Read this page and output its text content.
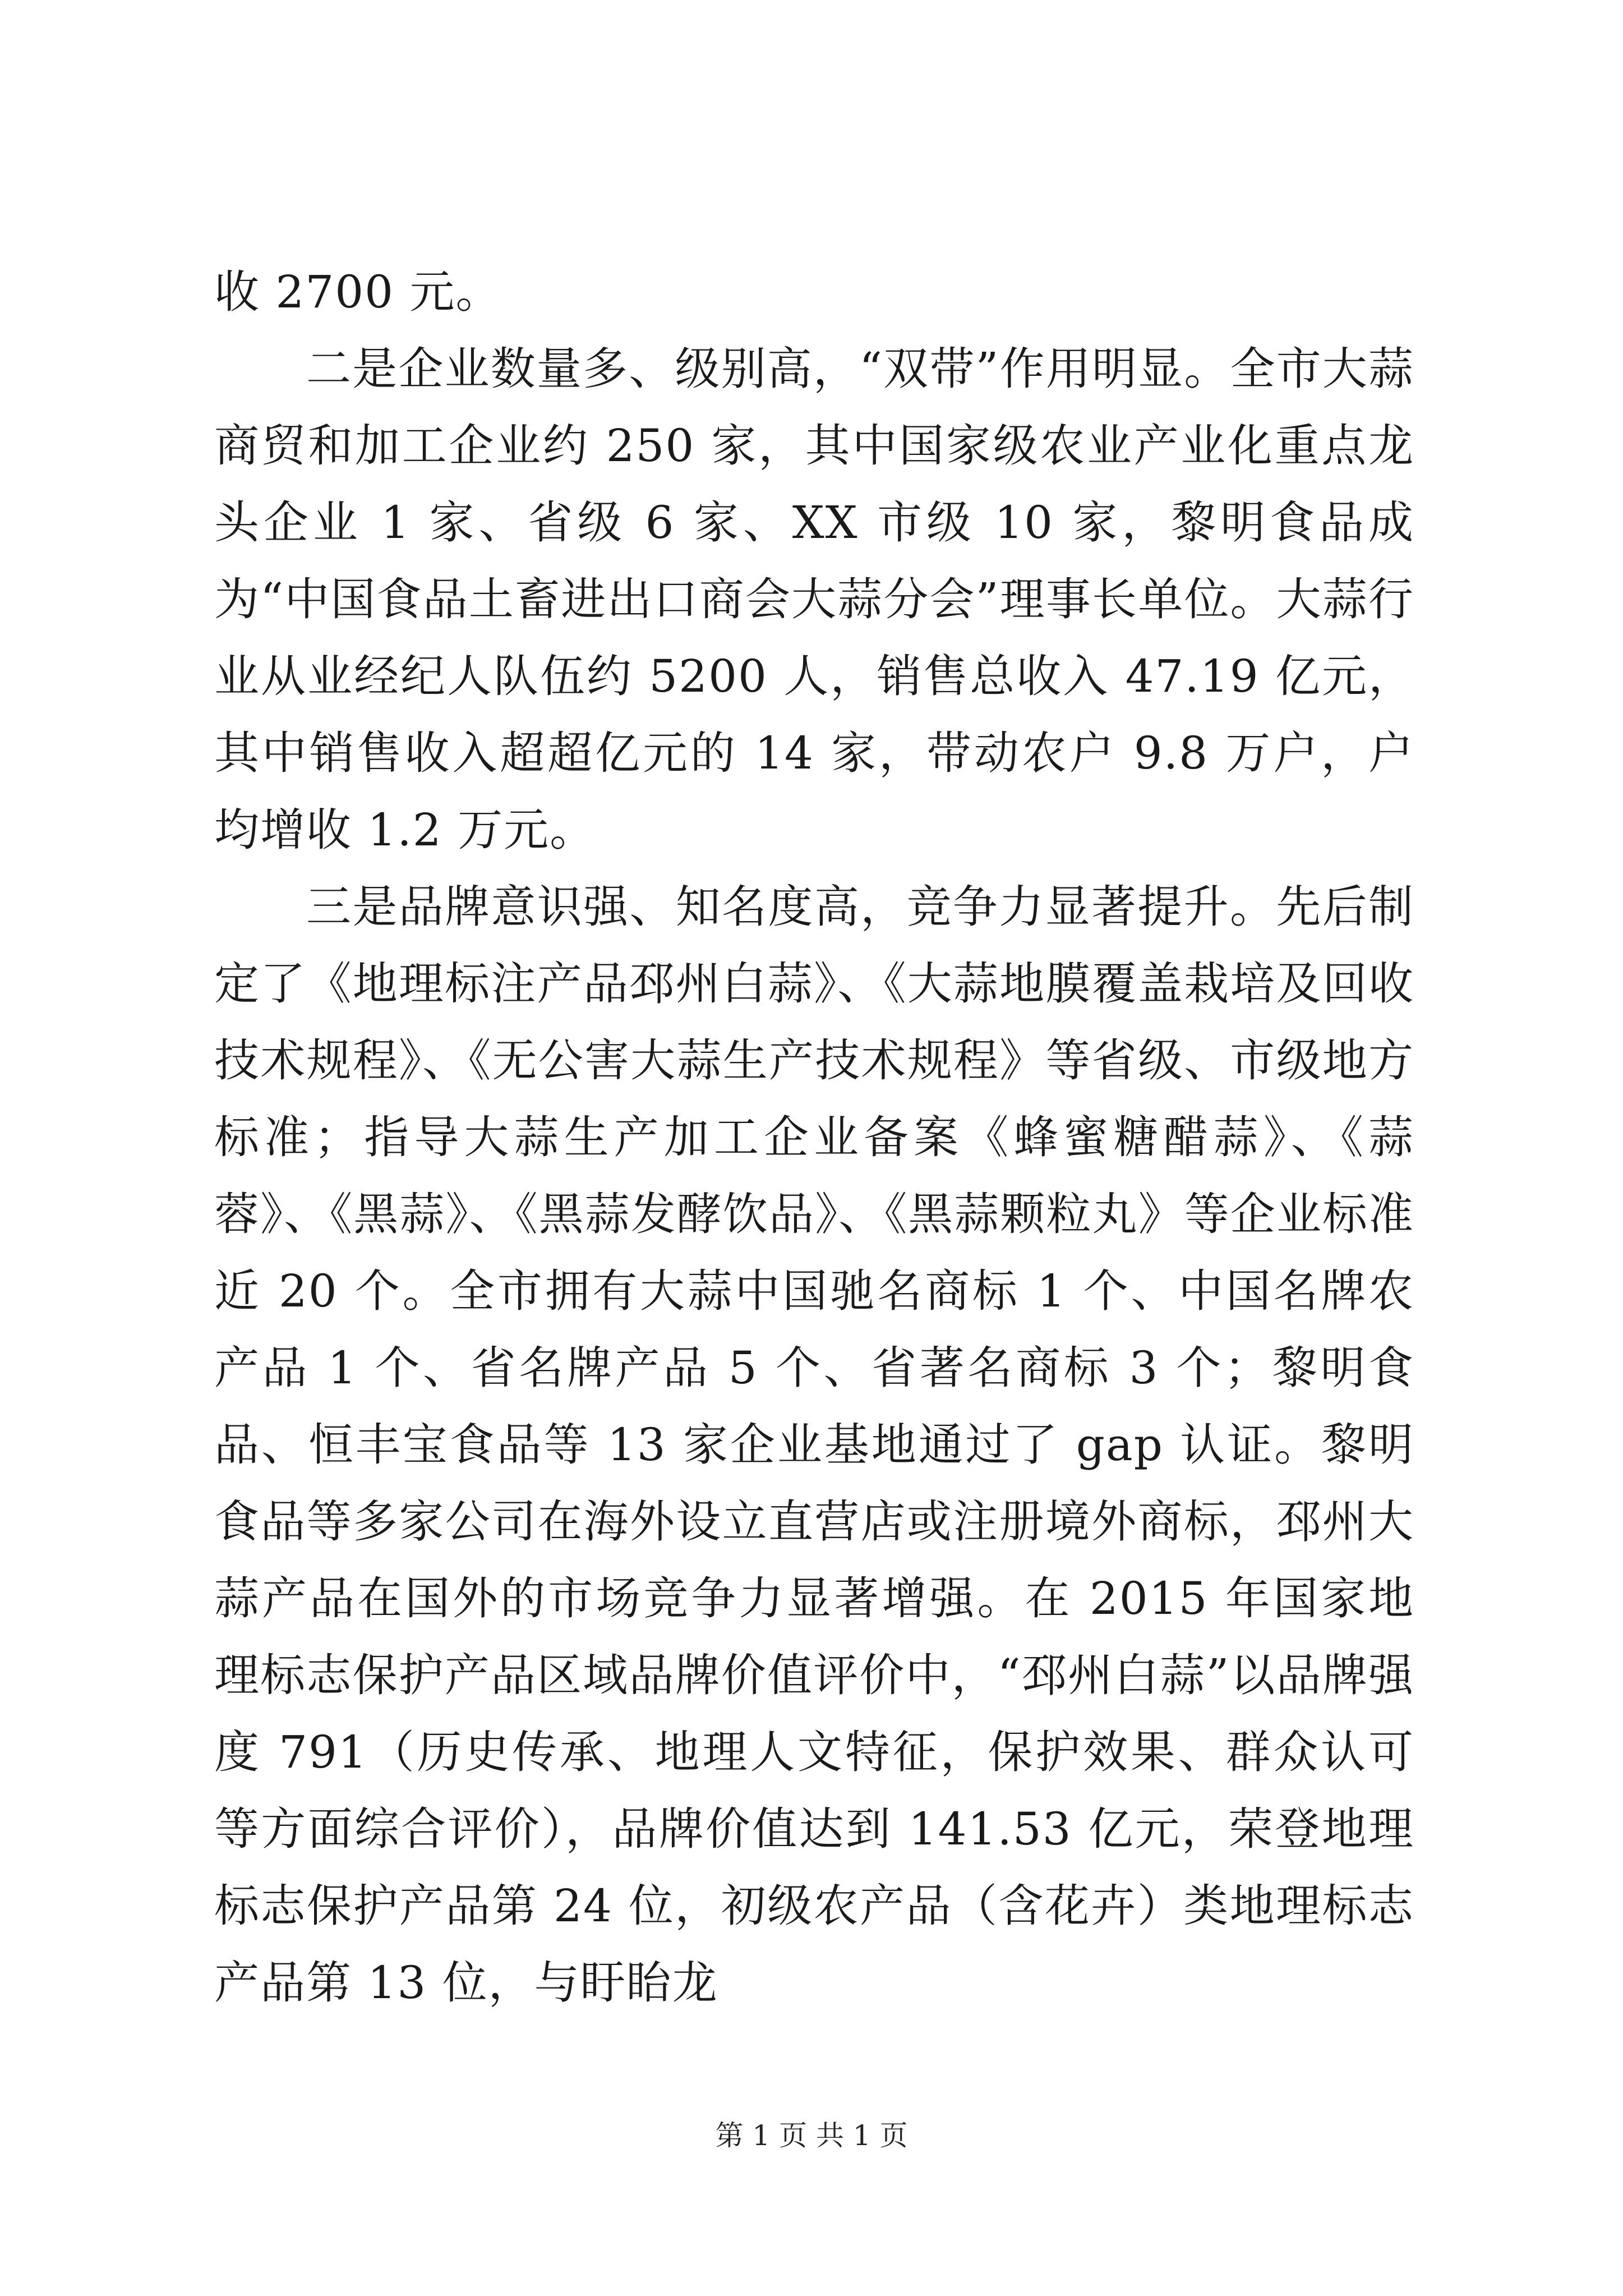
收 2700 元。

二是企业数量多、级别高，“双带”作用明显。全市大蒜商贸和加工企业约 250 家，其中国家级农业产业化重点龙头企业 1 家、省级 6 家、XX 市级 10 家，黎明食品成为“中国食品土畜进出口商会大蒜分会”理事长单位。大蒜行业从业经纪人队伍约 5200 人，销售总收入 47.19 亿元，其中销售收入超超亿元的 14 家，带动农户 9.8 万户，户均增收 1.2 万元。

三是品牌意识强、知名度高，竞争力显著提升。先后制定了《地理标注产品邳州白蒜》、《大蒜地膜覆盖栽培及回收技术规程》、《无公害大蒜生产技术规程》等省级、市级地方标准；指导大蒜生产加工企业备案《蜂蜜糖醋蒜》、《蒜蓉》、《黑蒜》、《黑蒜发酵饮品》、《黑蒜颗粒丸》等企业标准近 20 个。全市拥有大蒜中国驰名商标 1 个、中国名牌农产品 1 个、省名牌产品 5 个、省著名商标 3 个；黎明食品、恒丰宝食品等 13 家企业基地通过了 gap 认证。黎明食品等多家公司在海外设立直营店或注册境外商标，邳州大蒜产品在国外的市场竞争力显著增强。在 2015 年国家地理标志保护产品区域品牌价值评价中，“邳州白蒜”以品牌强度 791（历史传承、地理人文特征，保护效果、群众认可等方面综合评价），品牌价值达到 141.53 亿元，荣登地理标志保护产品第 24 位，初级农产品（含花卉）类地理标志产品第 13 位，与盱眙龙

第 1 页 共 1 页
